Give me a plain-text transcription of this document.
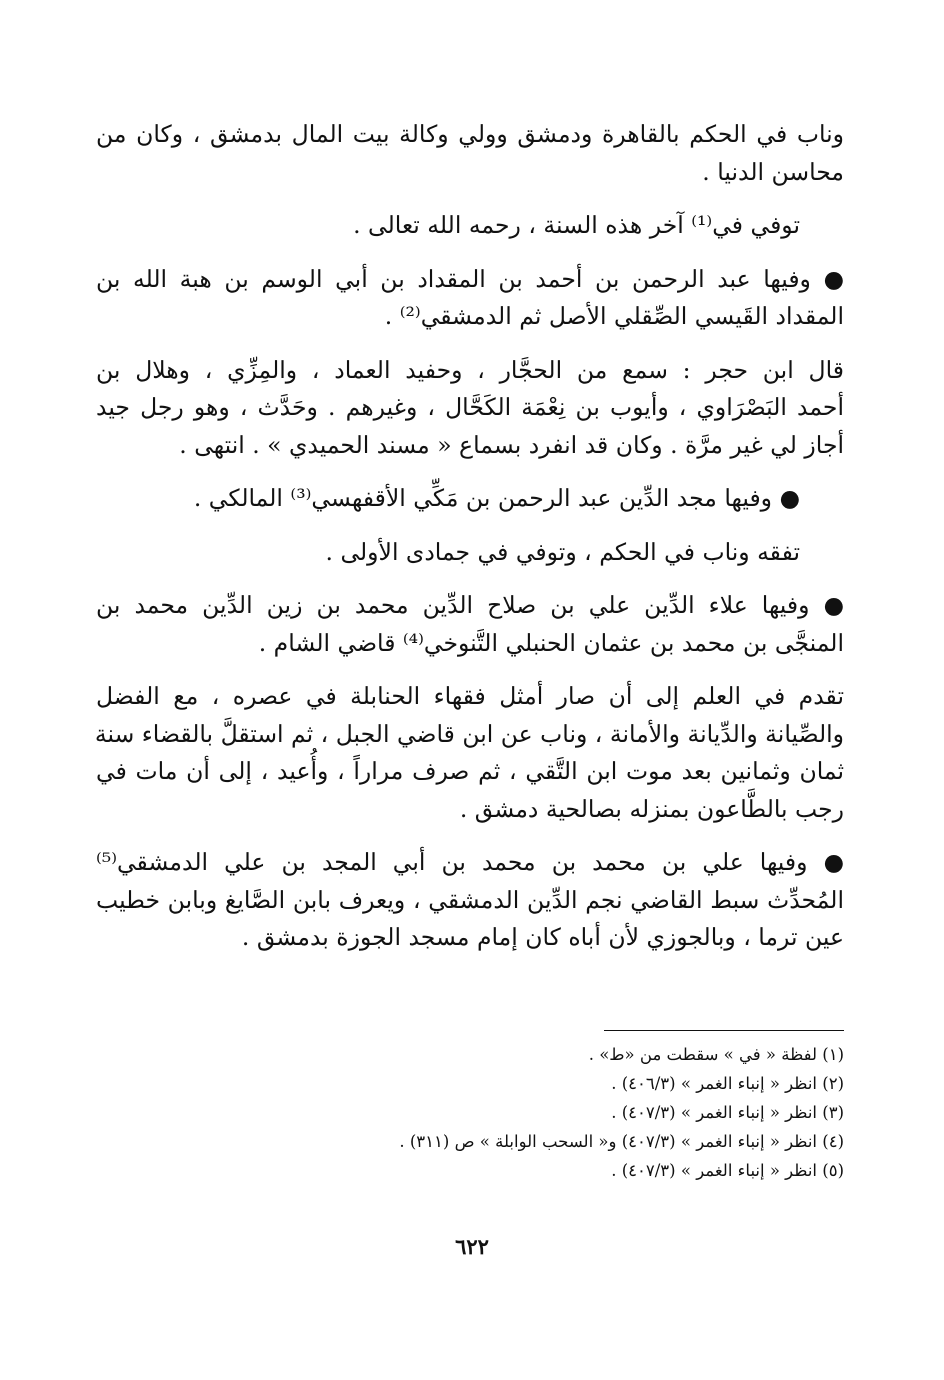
وناب في الحكم بالقاهرة ودمشق وولي وكالة بيت المال بدمشق ، وكان من
محاسن الدنيا .
توفي في⁽¹⁾ آخر هذه السنة ، رحمه الله تعالى .
● وفيها عبد الرحمن بن أحمد بن المقداد بن أبي الوسم بن هبة الله بن
المقداد القَيسي الصِّقلي الأصل ثم الدمشقي⁽²⁾ .
قال ابن حجر : سمع من الحجَّار ، وحفيد العماد ، والمِزِّي ، وهلال بن
أحمد البَصْرَاوي ، وأيوب بن نِعْمَة الكَحَّال ، وغيرهم . وحَدَّث ، وهو رجل جيد
أجاز لي غير مرَّة . وكان قد انفرد بسماع « مسند الحميدي » . انتهى .
● وفيها مجد الدِّين عبد الرحمن بن مَكِّي الأقفهسي⁽³⁾ المالكي .
تفقه وناب في الحكم ، وتوفي في جمادى الأولى .
● وفيها علاء الدِّين علي بن صلاح الدِّين محمد بن زين الدِّين محمد بن
المنجَّى بن محمد بن عثمان الحنبلي التَّنوخي⁽⁴⁾ قاضي الشام .
تقدم في العلم إلى أن صار أمثل فقهاء الحنابلة في عصره ، مع الفضل
والصِّيانة والدِّيانة والأمانة ، وناب عن ابن قاضي الجبل ، ثم استقلَّ بالقضاء سنة
ثمان وثمانين بعد موت ابن التَّقي ، ثم صرف مراراً ، وأُعيد ، إلى أن مات في
رجب بالطَّاعون بمنزله بصالحية دمشق .
● وفيها علي بن محمد بن محمد بن أبي المجد بن علي الدمشقي⁽⁵⁾
المُحدِّث سبط القاضي نجم الدِّين الدمشقي ، ويعرف بابن الصَّايغ وبابن خطيب
عين ترما ، وبالجوزي لأن أباه كان إمام مسجد الجوزة بدمشق .
(١) لفظة « في » سقطت من «ط» .
(٢) انظر « إنباء الغمر » (٤٠٦/٣) .
(٣) انظر « إنباء الغمر » (٤٠٧/٣) .
(٤) انظر « إنباء الغمر » (٤٠٧/٣) و« السحب الوابلة » ص (٣١١) .
(٥) انظر « إنباء الغمر » (٤٠٧/٣) .
٦٢٢
